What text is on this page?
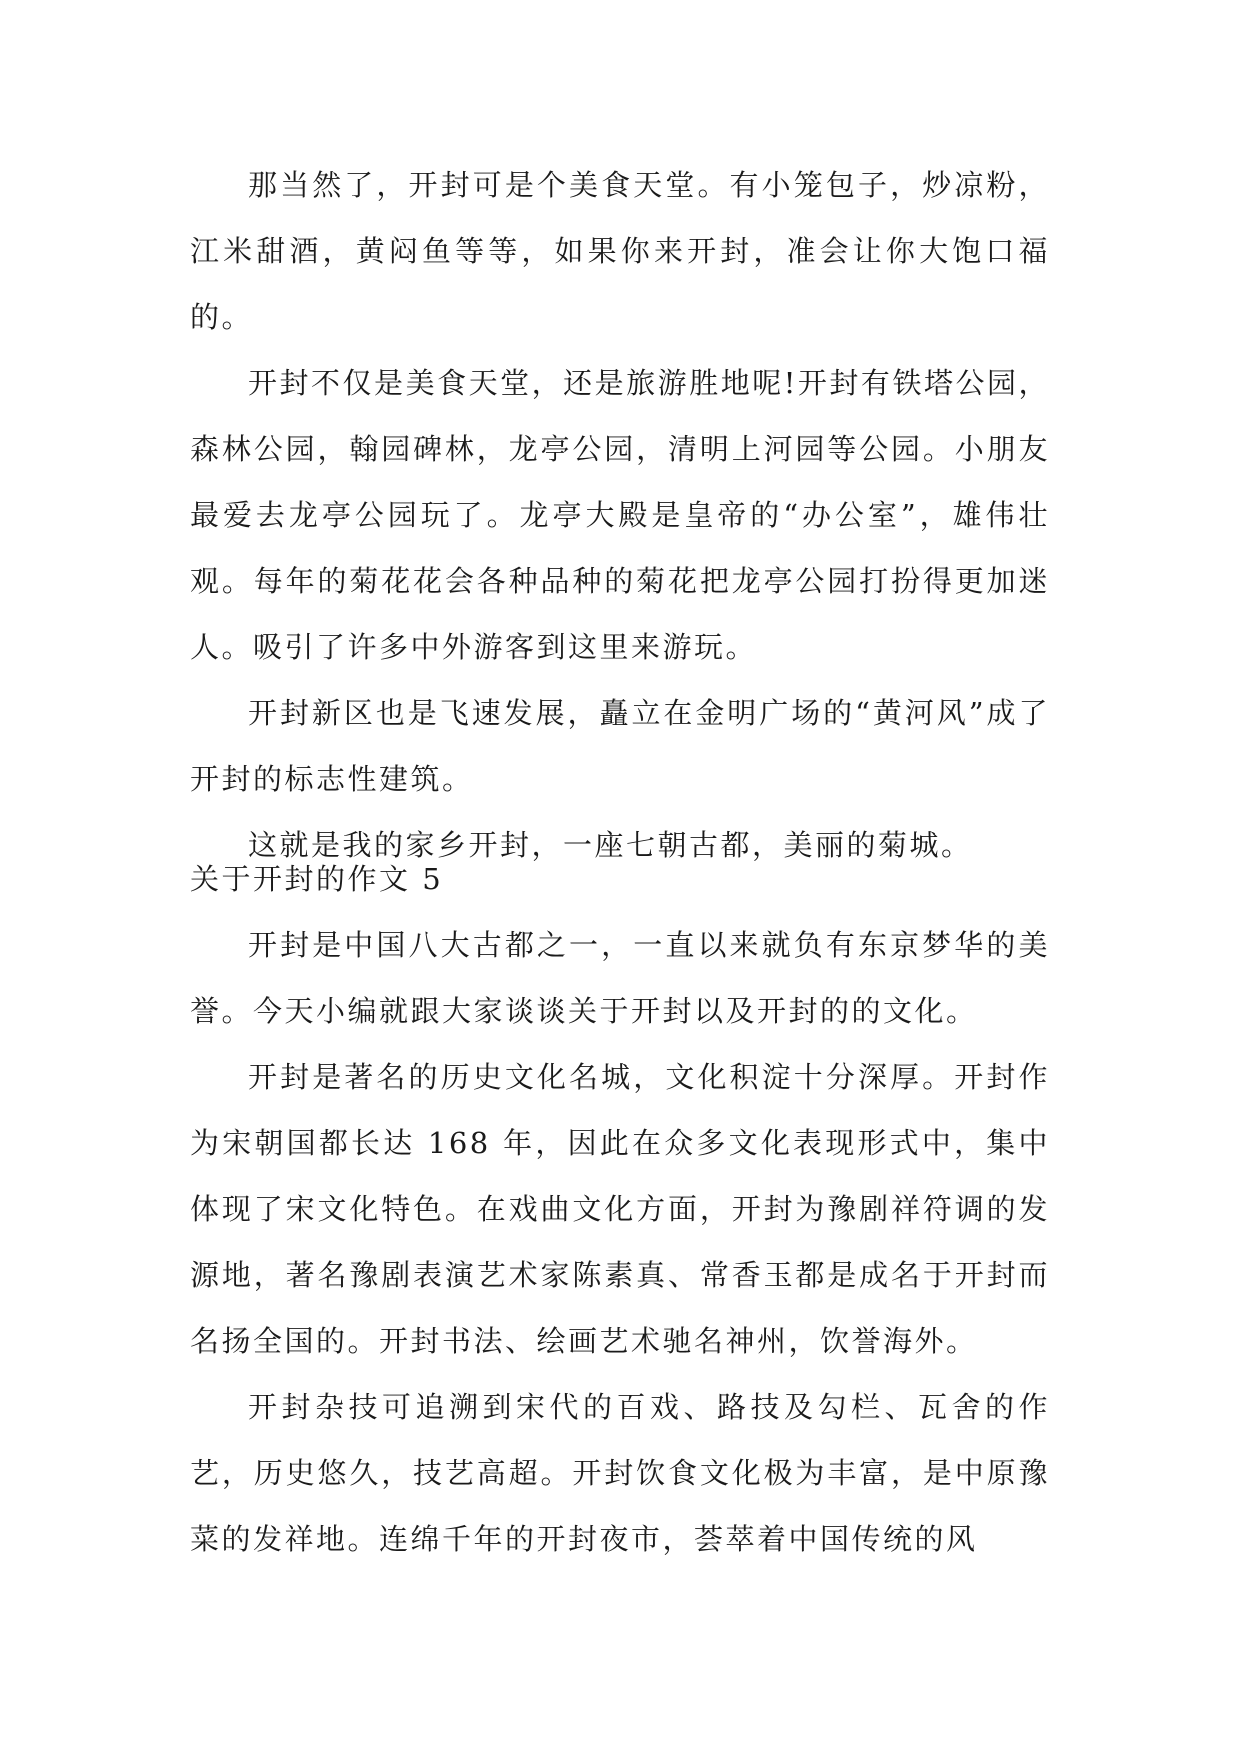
那当然了，开封可是个美食天堂。有小笼包子，炒凉粉，江米甜酒，黄闷鱼等等，如果你来开封，准会让你大饱口福的。

开封不仅是美食天堂，还是旅游胜地呢!开封有铁塔公园，森林公园，翰园碑林，龙亭公园，清明上河园等公园。小朋友最爱去龙亭公园玩了。龙亭大殿是皇帝的“办公室”，雄伟壮观。每年的菊花花会各种品种的菊花把龙亭公园打扮得更加迷人。吸引了许多中外游客到这里来游玩。

开封新区也是飞速发展，矗立在金明广场的“黄河风”成了开封的标志性建筑。

这就是我的家乡开封，一座七朝古都，美丽的菊城。

关于开封的作文 5

开封是中国八大古都之一，一直以来就负有东京梦华的美誉。今天小编就跟大家谈谈关于开封以及开封的的文化。

开封是著名的历史文化名城，文化积淀十分深厚。开封作为宋朝国都长达 168 年，因此在众多文化表现形式中，集中体现了宋文化特色。在戏曲文化方面，开封为豫剧祥符调的发源地，著名豫剧表演艺术家陈素真、常香玉都是成名于开封而名扬全国的。开封书法、绘画艺术驰名神州，饮誉海外。

开封杂技可追溯到宋代的百戏、路技及勾栏、瓦舍的作艺，历史悠久，技艺高超。开封饮食文化极为丰富，是中原豫菜的发祥地。连绵千年的开封夜市，荟萃着中国传统的风
